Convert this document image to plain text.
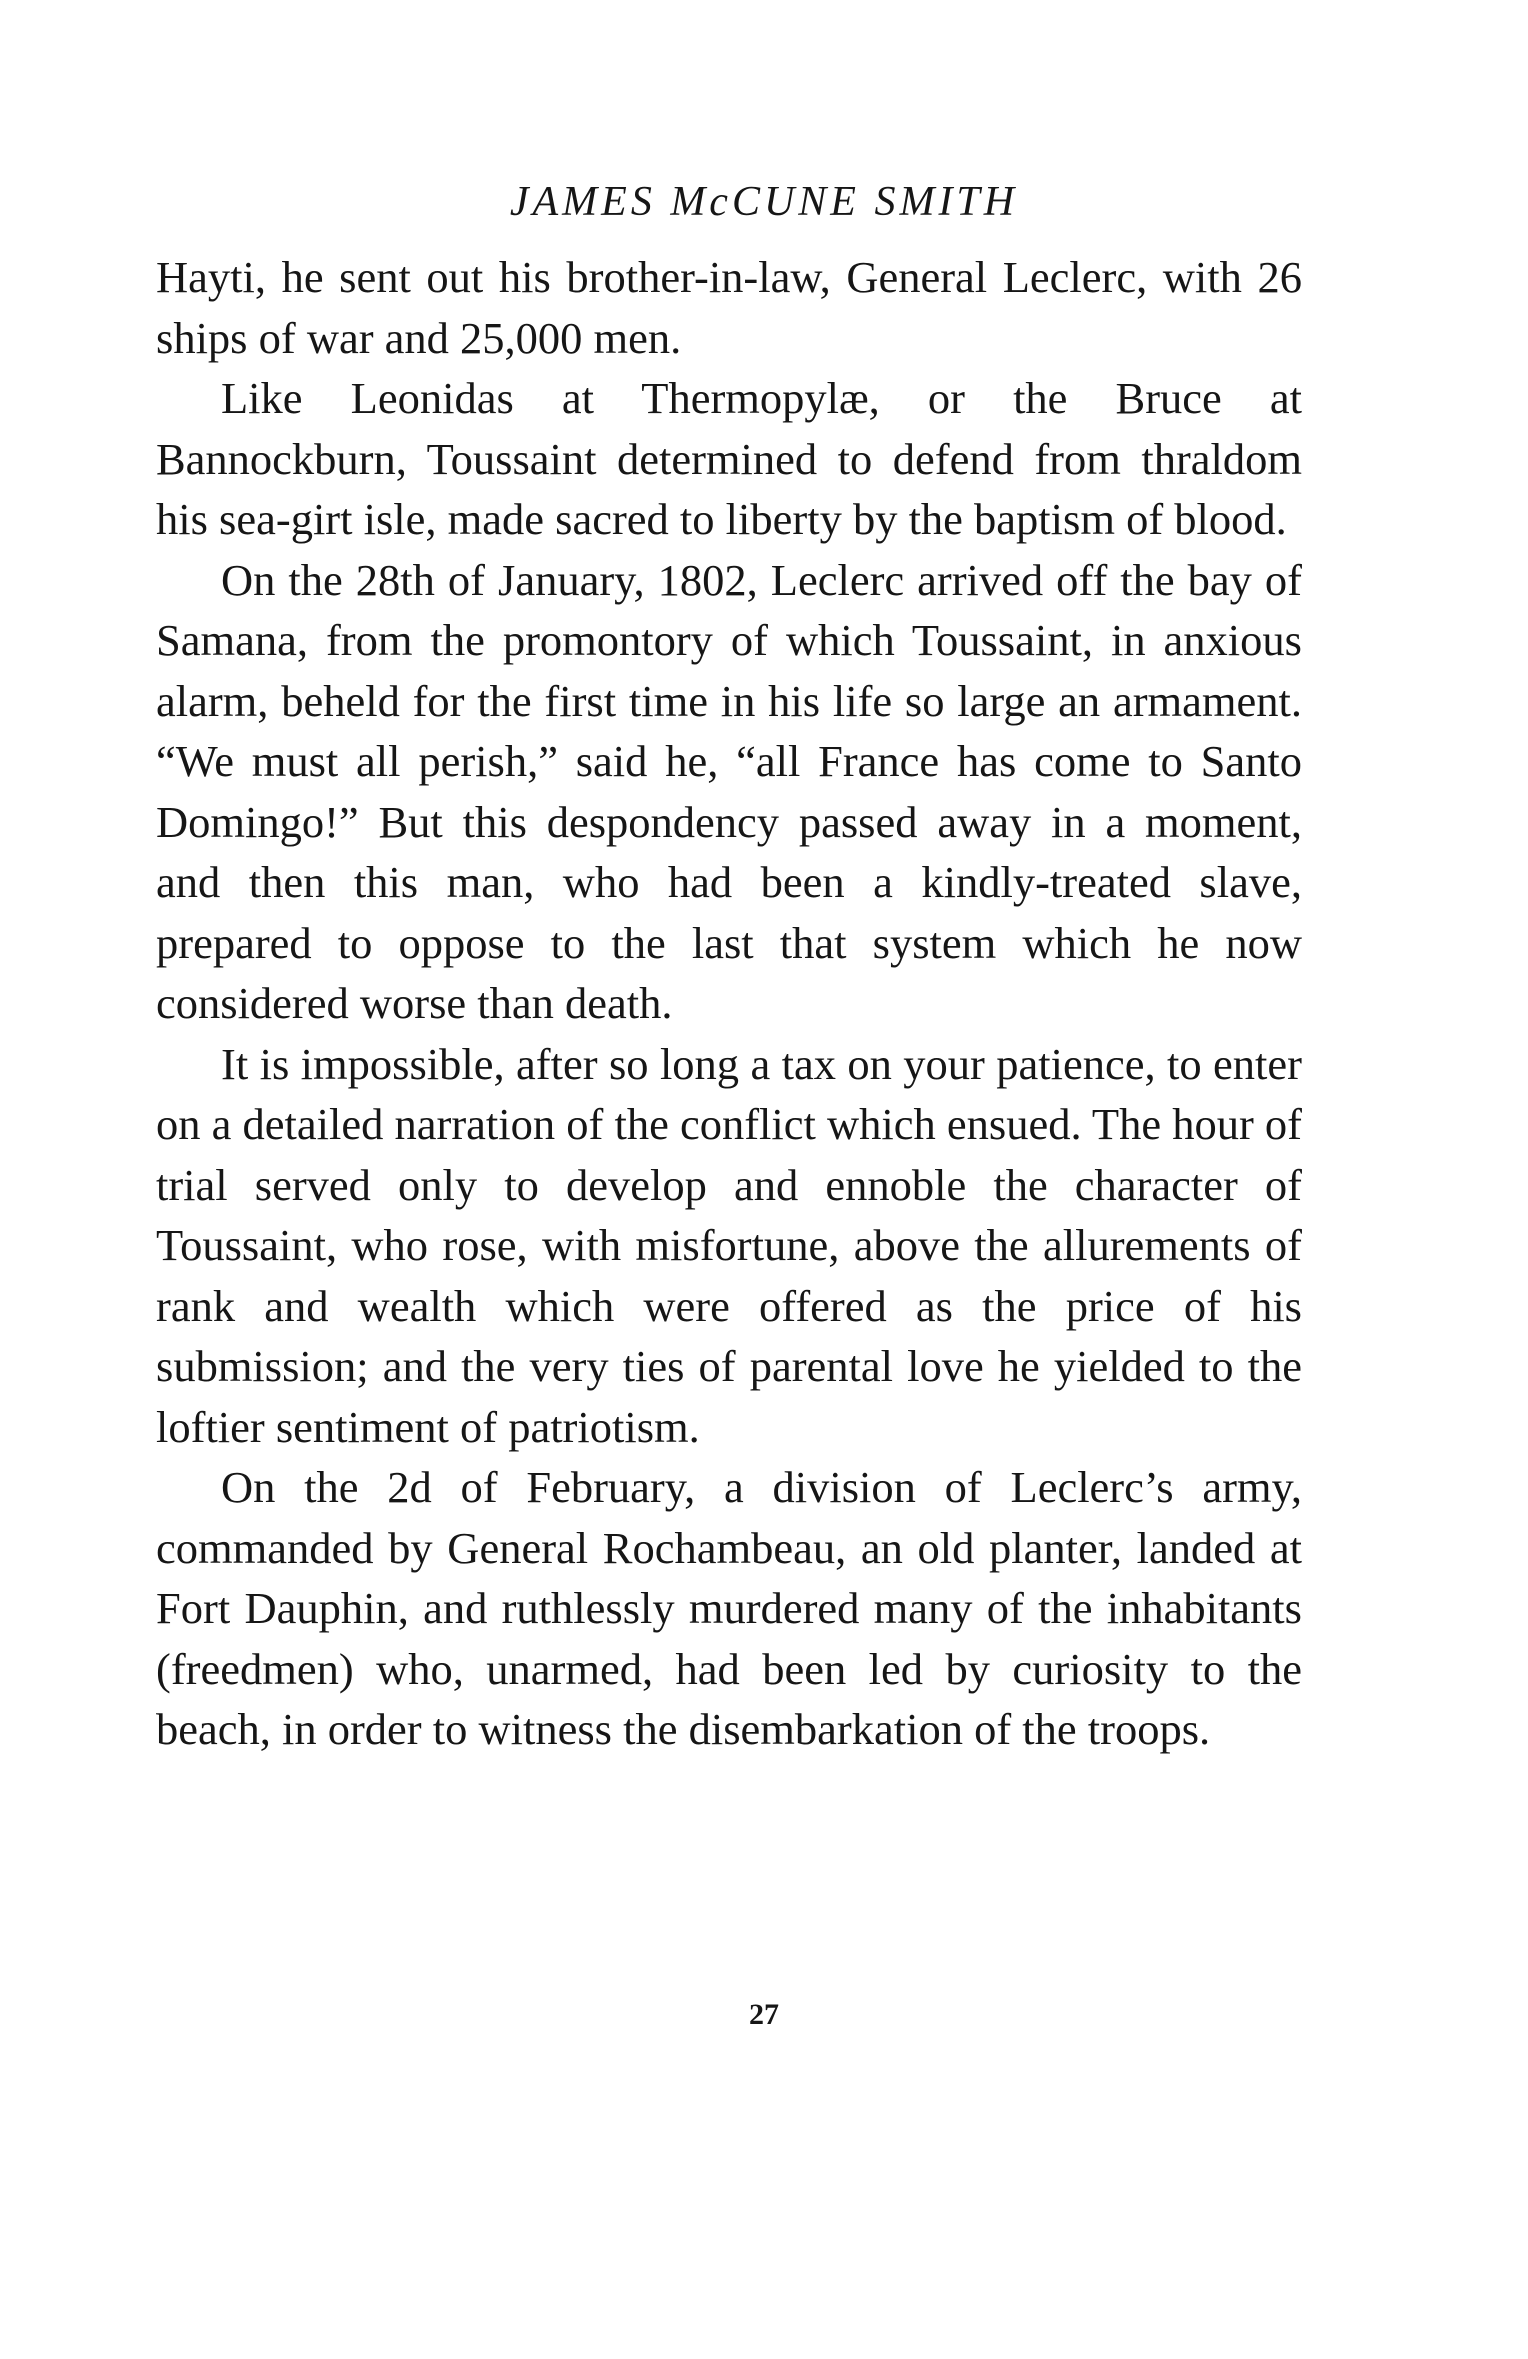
JAMES McCUNE SMITH

Hayti, he sent out his brother-in-law, General Leclerc, with 26 ships of war and 25,000 men.

Like Leonidas at Thermopylæ, or the Bruce at Bannockburn, Toussaint determined to defend from thraldom his sea-girt isle, made sacred to liberty by the baptism of blood.

On the 28th of January, 1802, Leclerc arrived off the bay of Samana, from the promontory of which Toussaint, in anxious alarm, beheld for the first time in his life so large an armament. “We must all perish,” said he, “all France has come to Santo Domingo!” But this despondency passed away in a moment, and then this man, who had been a kindly-treated slave, prepared to oppose to the last that system which he now considered worse than death.

It is impossible, after so long a tax on your patience, to enter on a detailed narration of the conflict which ensued. The hour of trial served only to develop and ennoble the character of Toussaint, who rose, with misfortune, above the allurements of rank and wealth which were offered as the price of his submission; and the very ties of parental love he yielded to the loftier sentiment of patriotism.

On the 2d of February, a division of Leclerc’s army, commanded by General Rochambeau, an old planter, landed at Fort Dauphin, and ruthlessly murdered many of the inhabitants (freedmen) who, unarmed, had been led by curiosity to the beach, in order to witness the disembarkation of the troops.

27
